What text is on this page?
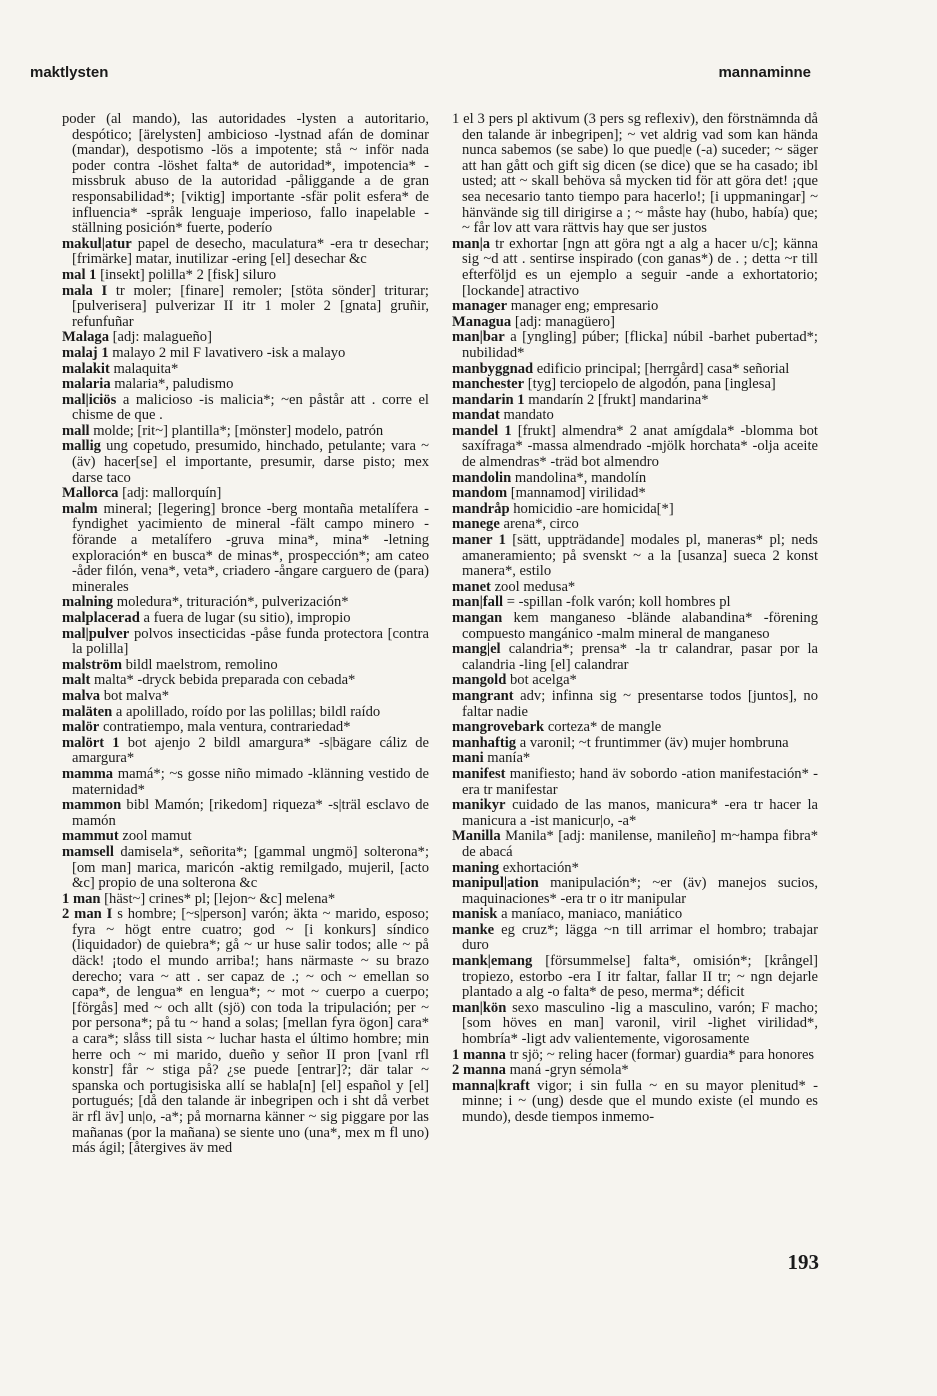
maktlysten	mannaminne

poder (al mando), las autoridades -lysten a autoritario, despótico; [ärelysten] ambicioso -lystnad afán de dominar (mandar), despotismo -lös a impotente; stå ~ inför nada poder contra -löshet falta* de autoridad*, impotencia* -missbruk abuso de la autoridad -påliggande a de gran responsabilidad*; [viktig] importante -sfär polit esfera* de influencia* -språk lenguaje imperioso, fallo inapelable -ställning posición* fuerte, poderío

makul|atur papel de desecho, maculatura* -era tr desechar; [frimärke] matar, inutilizar -ering [el] desechar &c

mal 1 [insekt] polilla* 2 [fisk] siluro

mala I tr moler; [finare] remoler; [stöta sönder] triturar; [pulverisera] pulverizar II itr 1 moler 2 [gnata] gruñir, refunfuñar

Malaga [adj: malagueño]

malaj 1 malayo 2 mil F lavativero -isk a malayo

malakit malaquita*

malaria malaria*, paludismo

mal|iciös a malicioso -is malicia*; ~en påstår att . corre el chisme de que .

mall molde; [rit~] plantilla*; [mönster] modelo, patrón

mallig ung copetudo, presumido, hinchado, petulante; vara ~ (äv) hacer[se] el importante, presumir, darse pisto; mex darse taco

Mallorca [adj: mallorquín]

malm mineral; [legering] bronce -berg montaña metalífera -fyndighet yacimiento de mineral -fält campo minero -förande a metalífero -gruva mina*, mina* -letning exploración* en busca* de minas*, prospección*; am cateo -åder filón, vena*, veta*, criadero -ångare carguero de (para) minerales

malning moledura*, trituración*, pulverización*

malplacerad a fuera de lugar (su sitio), impropio

mal|pulver polvos insecticidas -påse funda protectora [contra la polilla]

malström bildl maelstrom, remolino

malt malta* -dryck bebida preparada con cebada*

malva bot malva*

maläten a apolillado, roído por las polillas; bildl raído

malör contratiempo, mala ventura, contrariedad*

malört 1 bot ajenjo 2 bildl amargura* -s|bägare cáliz de amargura*

mamma mamá*; ~s gosse niño mimado -klänning vestido de maternidad*

mammon bibl Mamón; [rikedom] riqueza* -s|träl esclavo de mamón

mammut zool mamut

mamsell damisela*, señorita*; [gammal ungmö] solterona*; [om man] marica, maricón -aktig remilgado, mujeril, [acto &c] propio de una solterona &c

1 man [häst~] crines* pl; [lejon~ &c] melena*

2 man I s hombre; [~s|person] varón; äkta ~ marido, esposo; fyra ~ högt entre cuatro; god ~ [i konkurs] síndico (liquidador) de quiebra*; gå ~ ur huse salir todos; alle ~ på däck! ¡todo el mundo arriba!; hans närmaste ~ su brazo derecho; vara ~ att . ser capaz de .; ~ och ~ emellan so capa*, de lengua* en lengua*; ~ mot ~ cuerpo a cuerpo; [förgås] med ~ och allt (sjö) con toda la tripulación; per ~ por persona*; på tu ~ hand a solas; [mellan fyra ögon] cara* a cara*; slåss till sista ~ luchar hasta el último hombre; min herre och ~ mi marido, dueño y señor II pron [vanl rfl konstr] får ~ stiga på? ¿se puede [entrar]?; där talar ~ spanska och portugisiska allí se habla[n] [el] español y [el] portugués; [då den talande är inbegripen och i sht då verbet är rfl äv] un|o, -a*; på mornarna känner ~ sig piggare por las mañanas (por la mañana) se siente uno (una*, mex m fl uno) más ágil; [återgives äv med

1 el 3 pers pl aktivum (3 pers sg reflexiv), den förstnämnda då den talande är inbegripen]; ~ vet aldrig vad som kan hända nunca sabemos (se sabe) lo que pued|e (-a) suceder; ~ säger att han gått och gift sig dicen (se dice) que se ha casado; ibl usted; att ~ skall behöva så mycken tid för att göra det! ¡que sea necesario tanto tiempo para hacerlo!; [i uppmaningar] ~ hänvände sig till dirigirse a ; ~ måste hay (hubo, había) que; ~ får lov att vara rättvis hay que ser justos

man|a tr exhortar [ngn att göra ngt a alg a hacer u/c]; känna sig ~d att . sentirse inspirado (con ganas*) de . ; detta ~r till efterföljd es un ejemplo a seguir -ande a exhortatorio; [lockande] atractivo

manager manager eng; empresario

Managua [adj: managüero]

man|bar a [yngling] púber; [flicka] núbil -barhet pubertad*; nubilidad*

manbyggnad edificio principal; [herrgård] casa* señorial

manchester [tyg] terciopelo de algodón, pana [inglesa]

mandarin 1 mandarín 2 [frukt] mandarina*

mandat mandato

mandel 1 [frukt] almendra* 2 anat amígdala* -blomma bot saxífraga* -massa almendrado -mjölk horchata* -olja aceite de almendras* -träd bot almendro

mandolin mandolina*, mandolín

mandom [mannamod] virilidad*

mandråp homicidio -are homicida[*]

manege arena*, circo

maner 1 [sätt, uppträdande] modales pl, maneras* pl; neds amaneramiento; på svenskt ~ a la [usanza] sueca 2 konst manera*, estilo

manet zool medusa*

man|fall = -spillan -folk varón; koll hombres pl

mangan kem manganeso -blände alabandina* -förening compuesto mangánico -malm mineral de manganeso

mang|el calandria*; prensa* -la tr calandrar, pasar por la calandria -ling [el] calandrar

mangold bot acelga*

mangrant adv; infinna sig ~ presentarse todos [juntos], no faltar nadie

mangrovebark corteza* de mangle

manhaftig a varonil; ~t fruntimmer (äv) mujer hombruna

mani manía*

manifest manifiesto; hand äv sobordo -ation manifestación* -era tr manifestar

manikyr cuidado de las manos, manicura* -era tr hacer la manicura a -ist manicur|o, -a*

Manilla Manila* [adj: manilense, manileño] m~hampa fibra* de abacá

maning exhortación*

manipul|ation manipulación*; ~er (äv) manejos sucios, maquinaciones* -era tr o itr manipular

manisk a maníaco, maniaco, maniático

manke eg cruz*; lägga ~n till arrimar el hombro; trabajar duro

mank|emang [försummelse] falta*, omisión*; [krångel] tropiezo, estorbo -era I itr faltar, fallar II tr; ~ ngn dejarle plantado a alg -o falta* de peso, merma*; déficit

man|kön sexo masculino -lig a masculino, varón; F macho; [som höves en man] varonil, viril -lighet virilidad*, hombría* -ligt adv valientemente, vigorosamente

1 manna tr sjö; ~ reling hacer (formar) guardia* para honores

2 manna maná -gryn sémola*

manna|kraft vigor; i sin fulla ~ en su mayor plenitud* -minne; i ~ (ung) desde que el mundo existe (el mundo es mundo), desde tiempos inmemo-

193
